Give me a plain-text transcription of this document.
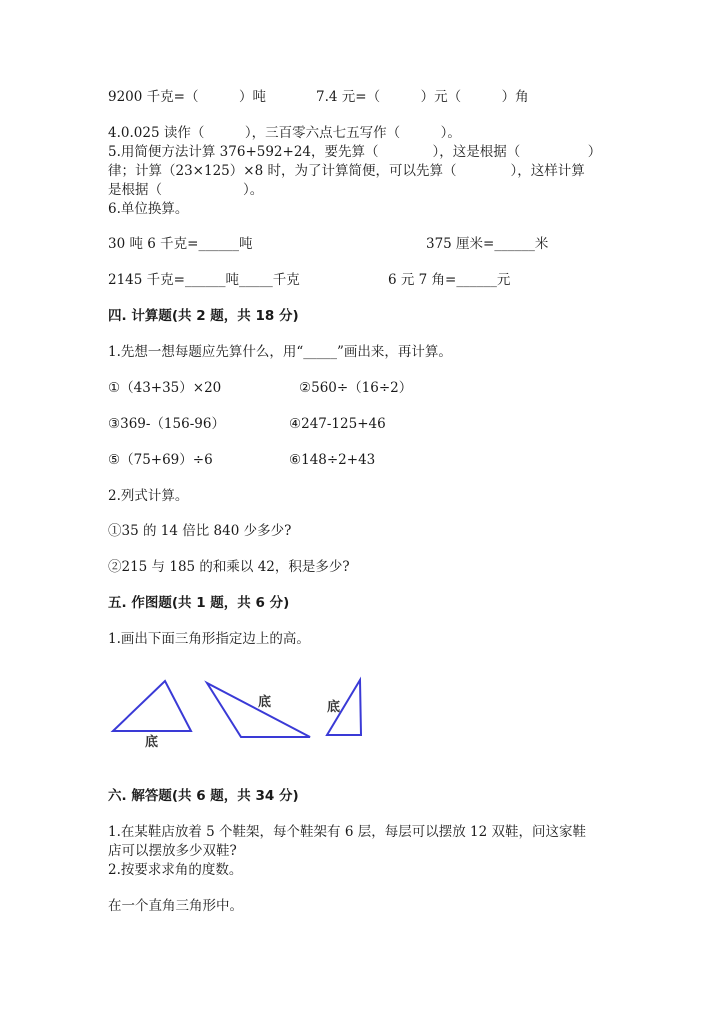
9200 千克=（　　　）吨	7.4 元=（　　　）元（　　　）角
4.0.025 读作（　　　），三百零六点七五写作（　　　）。
5.用简便方法计算 376+592+24，要先算（　　　　），这是根据（　　　　　）
律；计算（23×125）×8 时，为了计算简便，可以先算（　　　　），这样计算
是根据（　　　　　　）。
6.单位换算。
30 吨 6 千克=______吨	375 厘米=______米
2145 千克=______吨_____千克	6 元 7 角=______元
四. 计算题(共 2 题，共 18 分)
1.先想一想每题应先算什么，用“_____”画出来，再计算。
①（43+35）×20	②560÷（16÷2）
③369-（156-96）	④247-125+46
⑤（75+69）÷6	⑥148÷2+43
2.列式计算。
①35 的 14 倍比 840 少多少?
②215 与 185 的和乘以 42，积是多少?
五. 作图题(共 1 题，共 6 分)
1.画出下面三角形指定边上的高。
底
底	底
六. 解答题(共 6 题，共 34 分)
1.在某鞋店放着 5 个鞋架，每个鞋架有 6 层，每层可以摆放 12 双鞋，问这家鞋
店可以摆放多少双鞋?
2.按要求求角的度数。
在一个直角三角形中。
